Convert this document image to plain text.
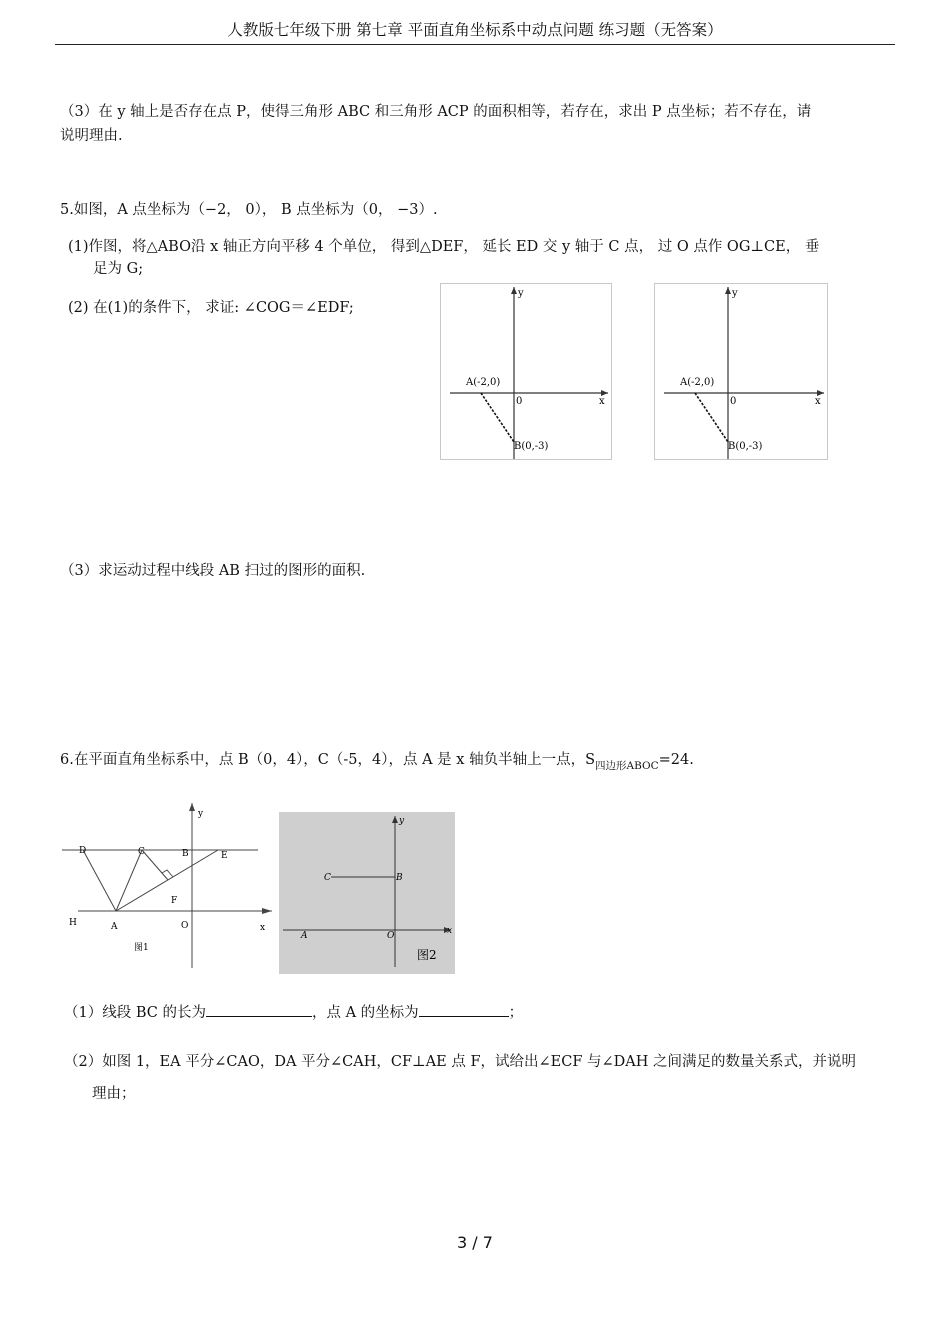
人教版七年级下册 第七章 平面直角坐标系中动点问题 练习题（无答案）
（3）在 y 轴上是否存在点 P，使得三角形 ABC 和三角形 ACP 的面积相等，若存在，求出 P 点坐标；若不存在，请
说明理由.
5.如图，A 点坐标为（−2， 0）， B 点坐标为（0， −3）.
(1)作图，将△ABO沿 x 轴正方向平移 4 个单位， 得到△DEF， 延长 ED 交 y 轴于 C 点， 过 O 点作 OG⊥CE， 垂
足为 G;
(2) 在(1)的条件下， 求证: ∠COG＝∠EDF;
y
x
0
A(-2,0)
B(0,-3)
y
x
0
A(-2,0)
B(0,-3)
（3）求运动过程中线段 AB 扫过的图形的面积.
6.在平面直角坐标系中，点 B（0，4），C（-5，4），点 A 是 x 轴负半轴上一点，$S_{四边形ABOC}=24$.
y
x
D	C	B	E
F
H	A	O
图1
y
x
C	B
A	O
图2
（1）线段 BC 的长为	，点 A 的坐标为	；
（2）如图 1，EA 平分∠CAO，DA 平分∠CAH，CF⊥AE 点 F，试给出∠ECF 与∠DAH 之间满足的数量关系式，并说明
理由；
3 / 7
